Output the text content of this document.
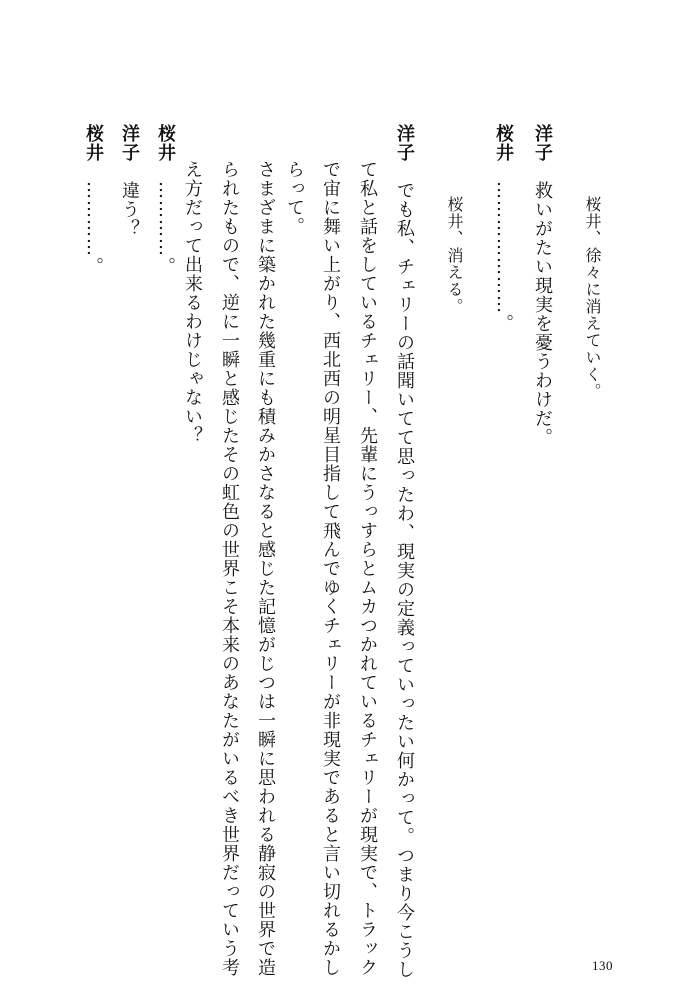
桜井、徐々に消えていく。
洋子　救いがたい現実を憂うわけだ。
桜井　…………………。
桜井、消える。
洋子　でも私、チェリーの話聞いてて思ったわ、現実の定義っていったい何かって。つまり今こうし
て私と話をしているチェリー、先輩にうっすらとムカつかれているチェリーが現実で、トラック
で宙に舞い上がり、西北西の明星目指して飛んでゆくチェリーが非現実であると言い切れるかし
らって。
さまざまに築かれた幾重にも積みかさなると感じた記憶がじつは一瞬に思われる静寂の世界で造
られたもので、逆に一瞬と感じたその虹色の世界こそ本来のあなたがいるべき世界だっていう考
え方だって出来るわけじゃない？
桜井　…………。
洋子　違う？
桜井　…………。
130
